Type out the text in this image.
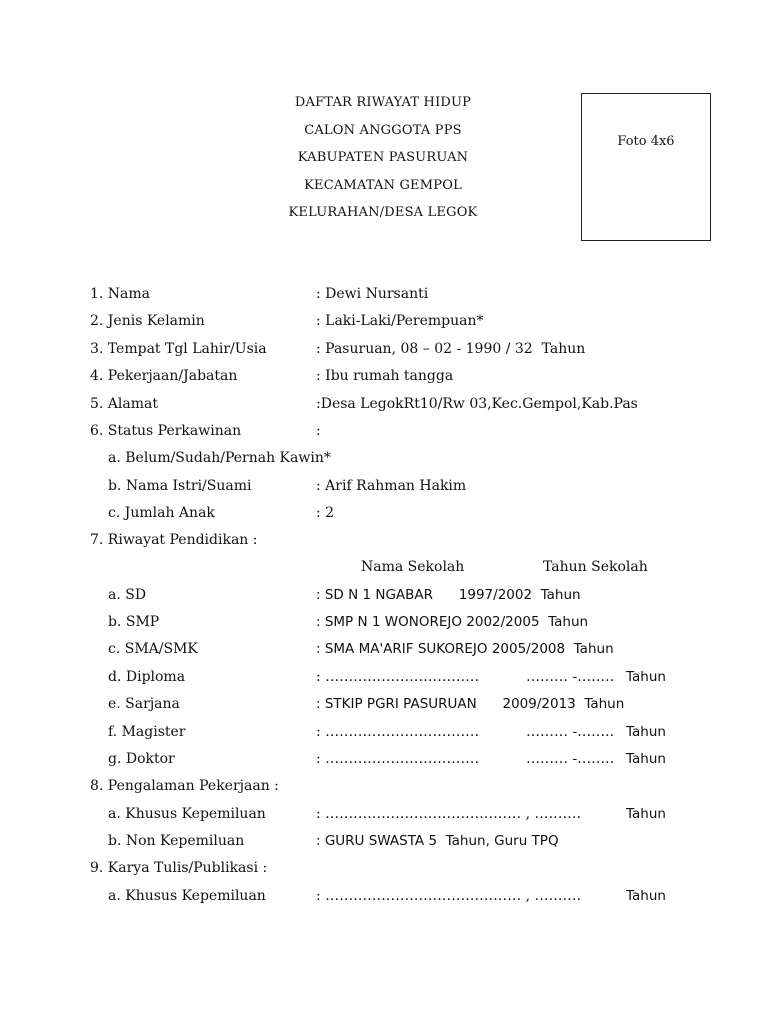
DAFTAR RIWAYAT HIDUP
CALON ANGGOTA PPS
KABUPATEN PASURUAN
KECAMATAN GEMPOL
KELURAHAN/DESA LEGOK
Foto 4x6
1. Nama	: Dewi Nursanti
2. Jenis Kelamin	: Laki-Laki/Perempuan*
3. Tempat Tgl Lahir/Usia	: Pasuruan, 08 – 02 - 1990 / 32  Tahun
4. Pekerjaan/Jabatan	: Ibu rumah tangga
5. Alamat	:Desa LegokRt10/Rw 03,Kec.Gempol,Kab.Pas
6. Status Perkawinan	:
a. Belum/Sudah/Pernah Kawin*
b. Nama Istri/Suami	: Arif Rahman Hakim
c. Jumlah Anak	: 2
7. Riwayat Pendidikan :
Nama Sekolah	Tahun Sekolah
a. SD	: SD N 1 NGABAR      1997/2002  Tahun
b. SMP	: SMP N 1 WONOREJO 2002/2005  Tahun
c. SMA/SMK	: SMA MA'ARIF SUKOREJO 2005/2008  Tahun
d. Diploma	: ……………………………	……… -…….. Tahun
e. Sarjana	: STKIP PGRI PASURUAN      2009/2013  Tahun
f. Magister	: ……………………………	……… -…….. Tahun
g. Doktor	: ……………………………	……… -…….. Tahun
8. Pengalaman Pekerjaan :
a. Khusus Kepemiluan	: …………………………………… , ……….	Tahun
b. Non Kepemiluan	: GURU SWASTA 5  Tahun, Guru TPQ
9. Karya Tulis/Publikasi :
a. Khusus Kepemiluan	: …………………………………… , ……….	Tahun
